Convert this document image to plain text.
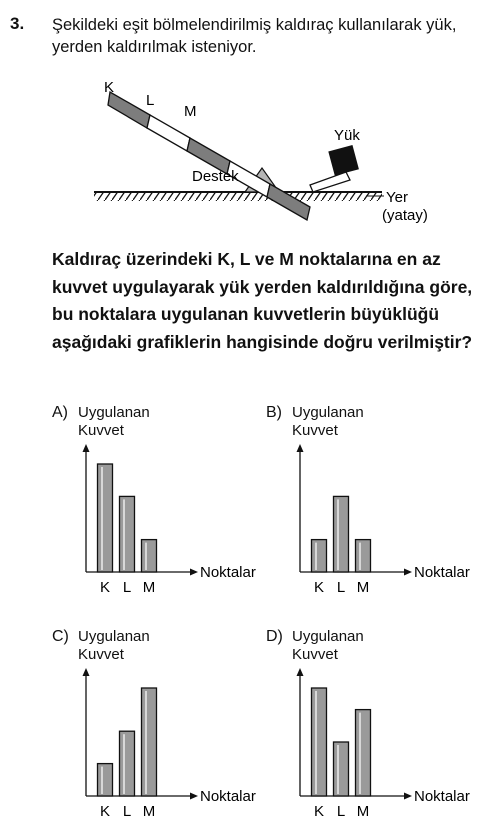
3. Şekildeki eşit bölmelendirilmiş kaldıraç kullanılarak yük, yerden kaldırılmak isteniyor.
K
L
M
Yük
Destek
Yer
(yatay)
Kaldıraç üzerindeki K, L ve M noktalarına en az kuvvet uygulayarak yük yerden kaldırıldığına göre, bu noktalara uygulanan kuvvetlerin büyüklüğü aşağıdaki grafiklerin hangisinde doğru verilmiştir?
K L M
Noktalar
A) Uygulanan
Kuvvet
K L M
Noktalar
B) Uygulanan
Kuvvet
K L M
Noktalar
C) Uygulanan
Kuvvet
K L M
Noktalar
D) Uygulanan
Kuvvet
